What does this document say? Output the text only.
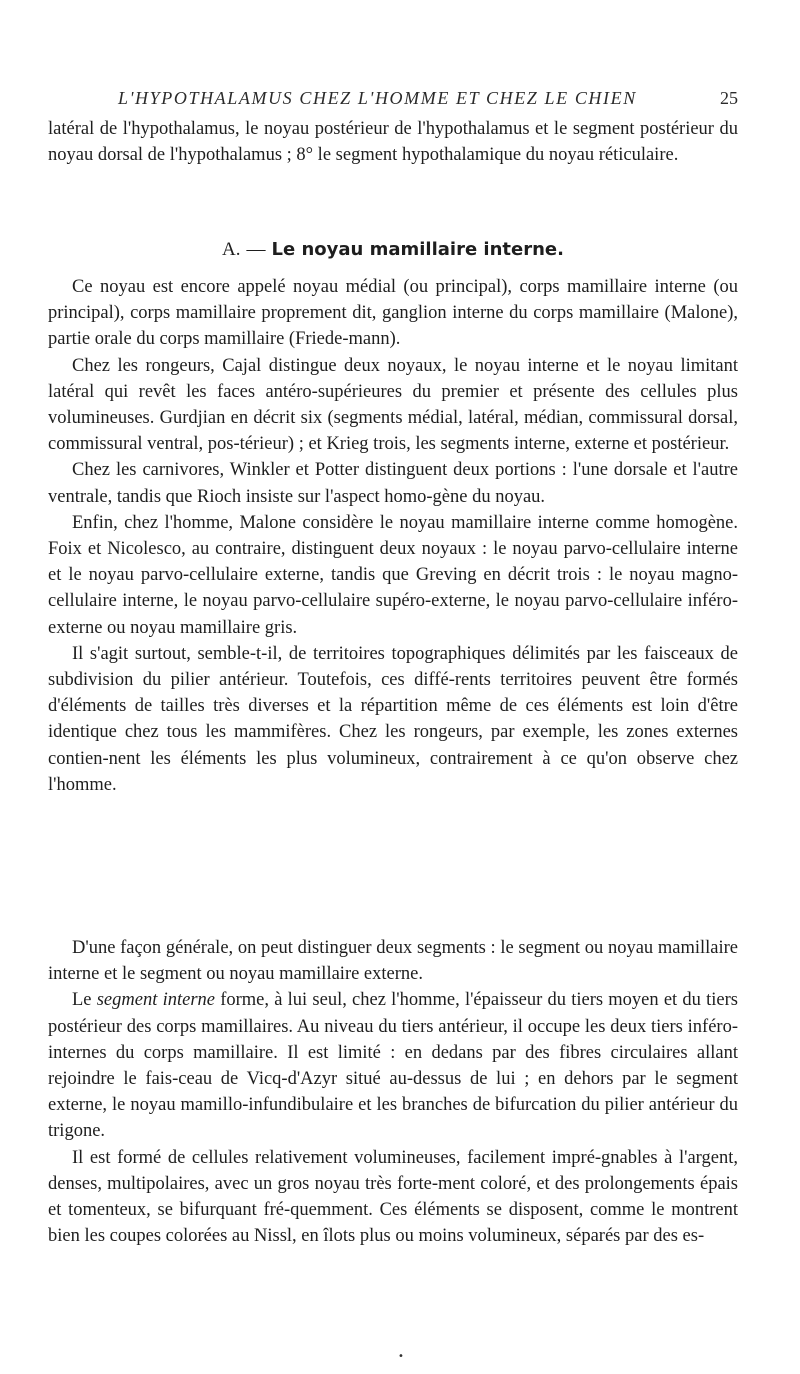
L'HYPOTHALAMUS CHEZ L'HOMME ET CHEZ LE CHIEN	25

latéral de l'hypothalamus, le noyau postérieur de l'hypothalamus et le segment postérieur du noyau dorsal de l'hypothalamus ; 8° le segment hypothalamique du noyau réticulaire.

A. — Le noyau mamillaire interne.

Ce noyau est encore appelé noyau médial (ou principal), corps mamillaire interne (ou principal), corps mamillaire proprement dit, ganglion interne du corps mamillaire (Malone), partie orale du corps mamillaire (Friede-mann).

Chez les rongeurs, Cajal distingue deux noyaux, le noyau interne et le noyau limitant latéral qui revêt les faces antéro-supérieures du premier et présente des cellules plus volumineuses. Gurdjian en décrit six (segments médial, latéral, médian, commissural dorsal, commissural ventral, pos-térieur) ; et Krieg trois, les segments interne, externe et postérieur.

Chez les carnivores, Winkler et Potter distinguent deux portions : l'une dorsale et l'autre ventrale, tandis que Rioch insiste sur l'aspect homo-gène du noyau.

Enfin, chez l'homme, Malone considère le noyau mamillaire interne comme homogène. Foix et Nicolesco, au contraire, distinguent deux noyaux : le noyau parvo-cellulaire interne et le noyau parvo-cellulaire externe, tandis que Greving en décrit trois : le noyau magno-cellulaire interne, le noyau parvo-cellulaire supéro-externe, le noyau parvo-cellulaire inféro-externe ou noyau mamillaire gris.

Il s'agit surtout, semble-t-il, de territoires topographiques délimités par les faisceaux de subdivision du pilier antérieur. Toutefois, ces diffé-rents territoires peuvent être formés d'éléments de tailles très diverses et la répartition même de ces éléments est loin d'être identique chez tous les mammifères. Chez les rongeurs, par exemple, les zones externes contien-nent les éléments les plus volumineux, contrairement à ce qu'on observe chez l'homme.

D'une façon générale, on peut distinguer deux segments : le segment ou noyau mamillaire interne et le segment ou noyau mamillaire externe.

Le segment interne forme, à lui seul, chez l'homme, l'épaisseur du tiers moyen et du tiers postérieur des corps mamillaires. Au niveau du tiers antérieur, il occupe les deux tiers inféro-internes du corps mamillaire. Il est limité : en dedans par des fibres circulaires allant rejoindre le fais-ceau de Vicq-d'Azyr situé au-dessus de lui ; en dehors par le segment externe, le noyau mamillo-infundibulaire et les branches de bifurcation du pilier antérieur du trigone.

Il est formé de cellules relativement volumineuses, facilement impré-gnables à l'argent, denses, multipolaires, avec un gros noyau très forte-ment coloré, et des prolongements épais et tomenteux, se bifurquant fré-quemment. Ces éléments se disposent, comme le montrent bien les coupes colorées au Nissl, en îlots plus ou moins volumineux, séparés par des es-

•
